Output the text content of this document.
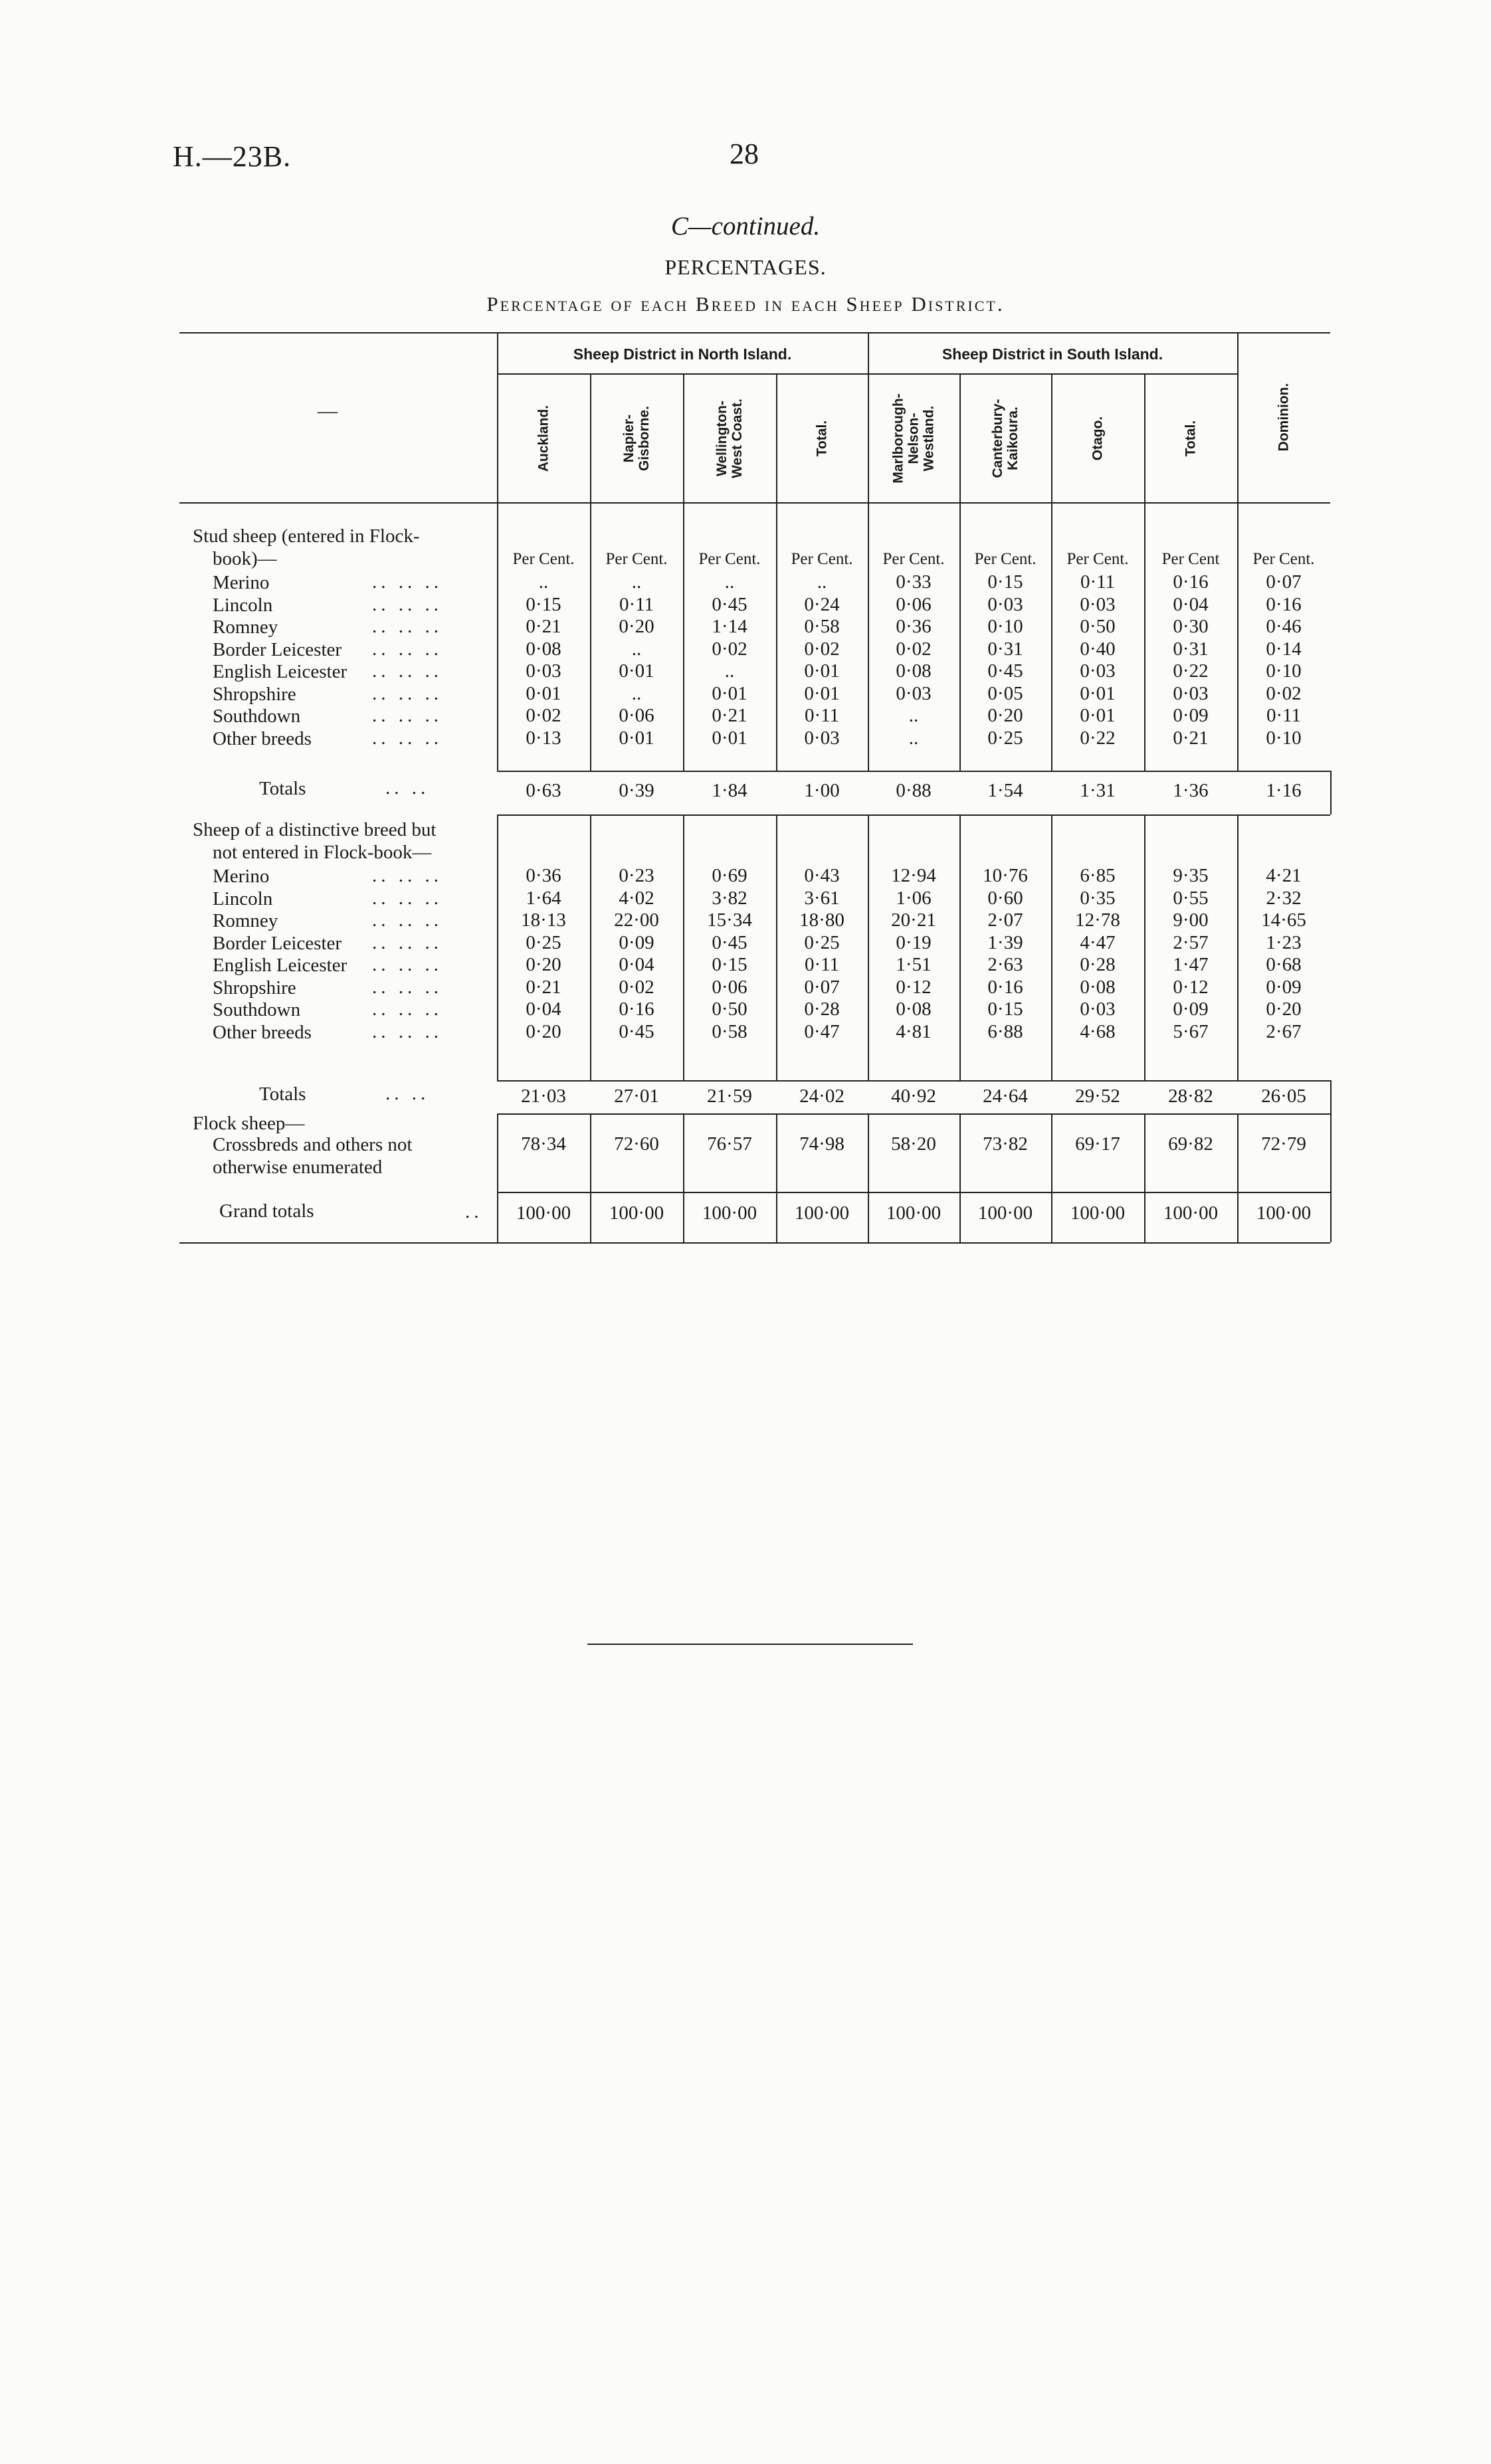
H.—23B.	28
C—continued.
PERCENTAGES.
Percentage of each Breed in each Sheep District.
Sheep District in North Island.	Sheep District in South Island.
—	Auckland.	Napier-
Gisborne.	Wellington-
West Coast.	Total.	Marlborough-
Nelson-
Westland.	Canterbury-
Kaikoura.	Otago.	Total.	Dominion.
Per Cent.	Per Cent.	Per Cent.	Per Cent.	Per Cent.	Per Cent.	Per Cent.	Per Cent	Per Cent.
Stud sheep (entered in Flock-
book)—
Merino	.. .. ..	..	..	..	..	0·33	0·15	0·11	0·16	0·07
Lincoln	.. .. ..	0·15	0·11	0·45	0·24	0·06	0·03	0·03	0·04	0·16
Romney	.. .. ..	0·21	0·20	1·14	0·58	0·36	0·10	0·50	0·30	0·46
Border Leicester .. .. ..	0·08	..	0·02	0·02	0·02	0·31	0·40	0·31	0·14
English Leicester .. .. ..	0·03	0·01	..	0·01	0·08	0·45	0·03	0·22	0·10
Shropshire	.. .. ..	0·01	..	0·01	0·01	0·03	0·05	0·01	0·03	0·02
Southdown	.. .. ..	0·02	0·06	0·21	0·11	..	0·20	0·01	0·09	0·11
Other breeds	.. .. ..	0·13	0·01	0·01	0·03	..	0·25	0·22	0·21	0·10
Totals	.. ..	0·63	0·39	1·84	1·00	0·88	1·54	1·31	1·36	1·16
Sheep of a distinctive breed but
not entered in Flock-book—
Merino	.. .. ..	0·36	0·23	0·69	0·43	12·94	10·76	6·85	9·35	4·21
Lincoln	.. .. ..	1·64	4·02	3·82	3·61	1·06	0·60	0·35	0·55	2·32
Romney	.. .. ..	18·13	22·00	15·34	18·80	20·21	2·07	12·78	9·00	14·65
Border Leicester .. .. ..	0·25	0·09	0·45	0·25	0·19	1·39	4·47	2·57	1·23
English Leicester .. .. ..	0·20	0·04	0·15	0·11	1·51	2·63	0·28	1·47	0·68
Shropshire	.. .. ..	0·21	0·02	0·06	0·07	0·12	0·16	0·08	0·12	0·09
Southdown	.. .. ..	0·04	0·16	0·50	0·28	0·08	0·15	0·03	0·09	0·20
Other breeds	.. .. ..	0·20	0·45	0·58	0·47	4·81	6·88	4·68	5·67	2·67
Totals	.. ..	21·03	27·01	21·59	24·02	40·92	24·64	29·52	28·82	26·05
Flock sheep—
Crossbreds and others not
otherwise enumerated
78·34	72·60	76·57	74·98	58·20	73·82	69·17	69·82	72·79
Grand totals	..	100·00	100·00	100·00	100·00	100·00	100·00	100·00	100·00	100·00
